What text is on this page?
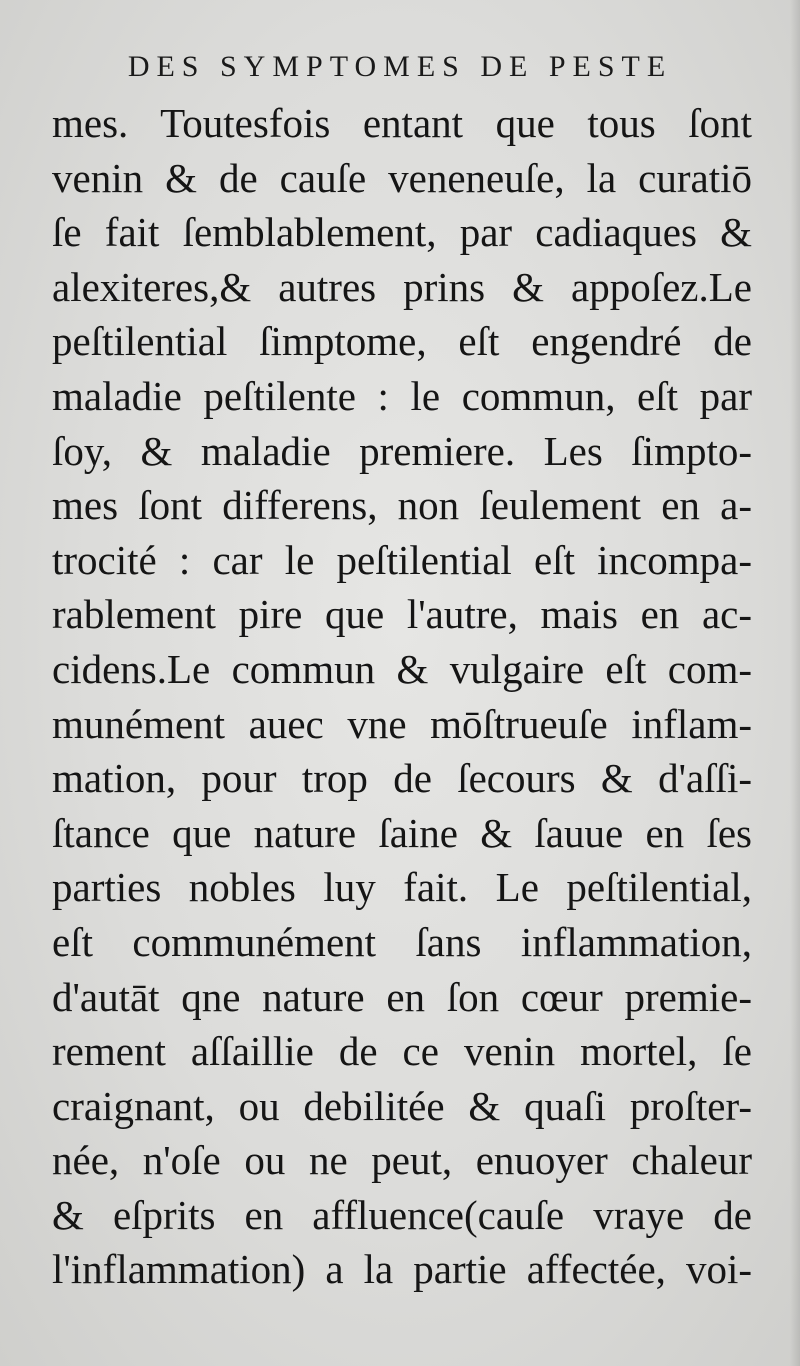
DES SYMPTOMES DE PESTE
mes. Toutesfois entant que tous ſont
venin & de cauſe veneneuſe, la curatiō
ſe fait ſemblablement, par cadiaques &
alexiteres,& autres prins & appoſez.Le
peſtilential ſimptome, eſt engendré de
maladie peſtilente : le commun, eſt par
ſoy, & maladie premiere. Les ſimpto-
mes ſont differens, non ſeulement en a-
trocité : car le peſtilential eſt incompa-
rablement pire que l'autre, mais en ac-
cidens.Le commun & vulgaire eſt com-
munément auec vne mōſtrueuſe inflam-
mation, pour trop de ſecours & d'aſſi-
ſtance que nature ſaine & ſauue en ſes
parties nobles luy fait. Le peſtilential,
eſt communément ſans inflammation,
d'autāt qne nature en ſon cœur premie-
rement aſſaillie de ce venin mortel, ſe
craignant, ou debilitée & quaſi proſter-
née, n'oſe ou ne peut, enuoyer chaleur
& eſprits en affluence(cauſe vraye de
l'inflammation) a la partie affectée, voi-
